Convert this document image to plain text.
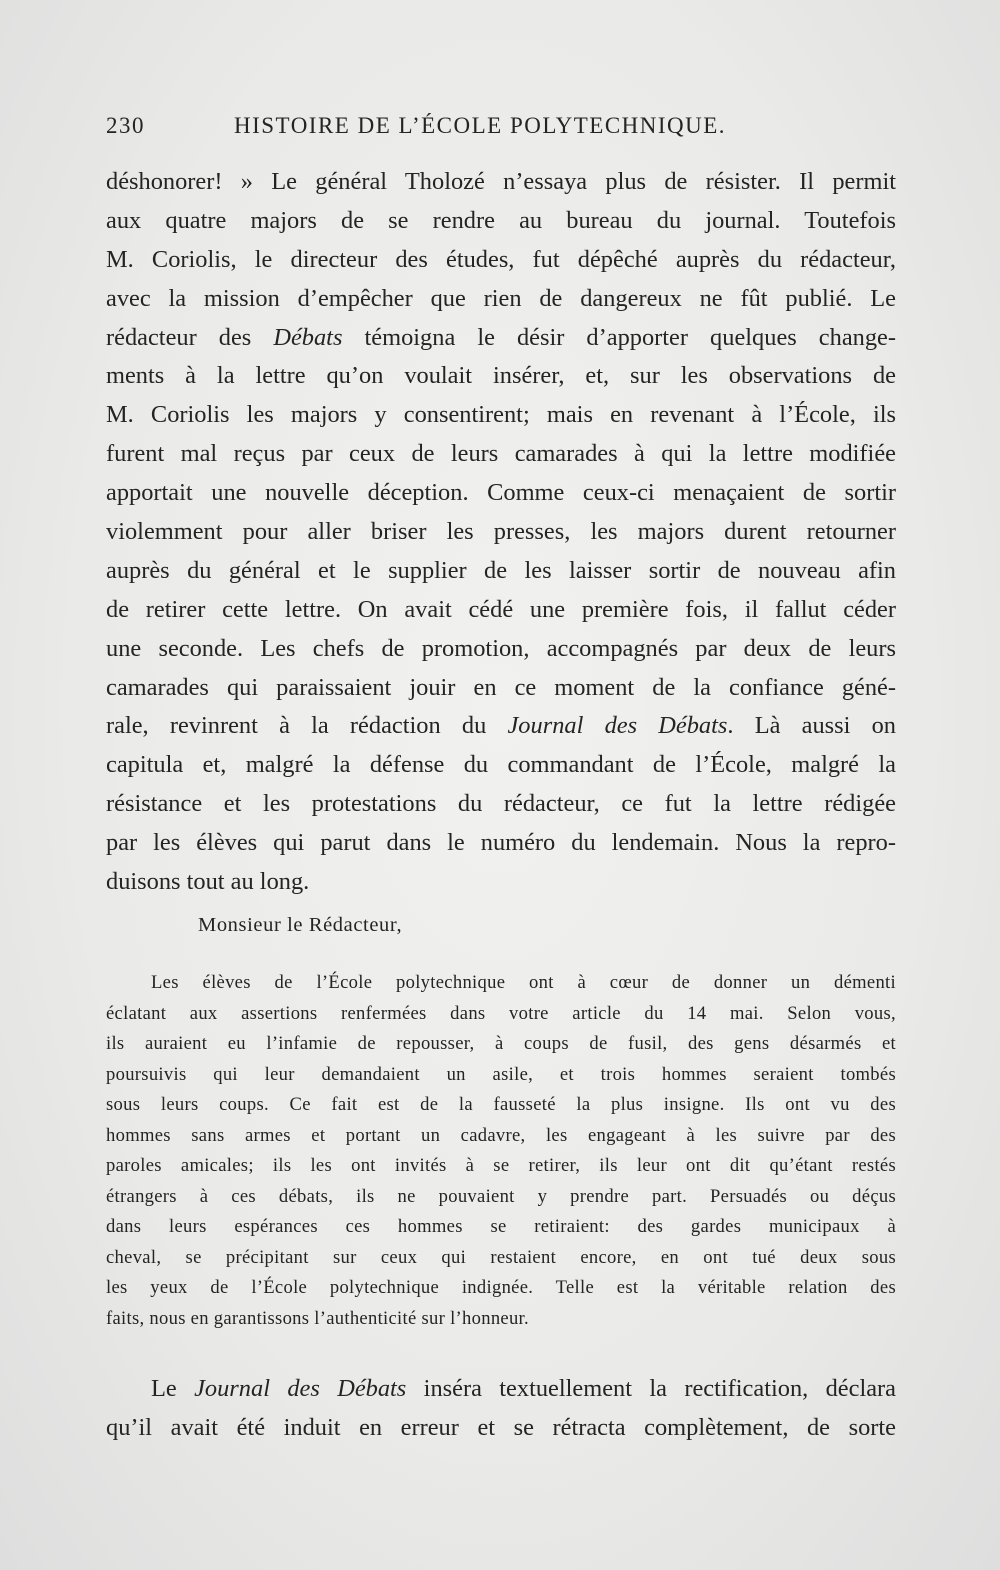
230	HISTOIRE DE L’ÉCOLE POLYTECHNIQUE.
déshonorer! » Le général Tholozé n’essaya plus de résister. Il permit
aux quatre majors de se rendre au bureau du journal. Toutefois
M. Coriolis, le directeur des études, fut dépêché auprès du rédacteur,
avec la mission d’empêcher que rien de dangereux ne fût publié. Le
rédacteur des Débats témoigna le désir d’apporter quelques change-
ments à la lettre qu’on voulait insérer, et, sur les observations de
M. Coriolis les majors y consentirent; mais en revenant à l’École, ils
furent mal reçus par ceux de leurs camarades à qui la lettre modifiée
apportait une nouvelle déception. Comme ceux-ci menaçaient de sortir
violemment pour aller briser les presses, les majors durent retourner
auprès du général et le supplier de les laisser sortir de nouveau afin
de retirer cette lettre. On avait cédé une première fois, il fallut céder
une seconde. Les chefs de promotion, accompagnés par deux de leurs
camarades qui paraissaient jouir en ce moment de la confiance géné-
rale, revinrent à la rédaction du Journal des Débats. Là aussi on
capitula et, malgré la défense du commandant de l’École, malgré la
résistance et les protestations du rédacteur, ce fut la lettre rédigée
par les élèves qui parut dans le numéro du lendemain. Nous la repro-
duisons tout au long.
Monsieur le Rédacteur,
Les élèves de l’École polytechnique ont à cœur de donner un démenti
éclatant aux assertions renfermées dans votre article du 14 mai. Selon vous,
ils auraient eu l’infamie de repousser, à coups de fusil, des gens désarmés et
poursuivis qui leur demandaient un asile, et trois hommes seraient tombés
sous leurs coups. Ce fait est de la fausseté la plus insigne. Ils ont vu des
hommes sans armes et portant un cadavre, les engageant à les suivre par des
paroles amicales; ils les ont invités à se retirer, ils leur ont dit qu’étant restés
étrangers à ces débats, ils ne pouvaient y prendre part. Persuadés ou déçus
dans leurs espérances ces hommes se retiraient: des gardes municipaux à
cheval, se précipitant sur ceux qui restaient encore, en ont tué deux sous
les yeux de l’École polytechnique indignée. Telle est la véritable relation des
faits, nous en garantissons l’authenticité sur l’honneur.
Le Journal des Débats inséra textuellement la rectification, déclara
qu’il avait été induit en erreur et se rétracta complètement, de sorte
